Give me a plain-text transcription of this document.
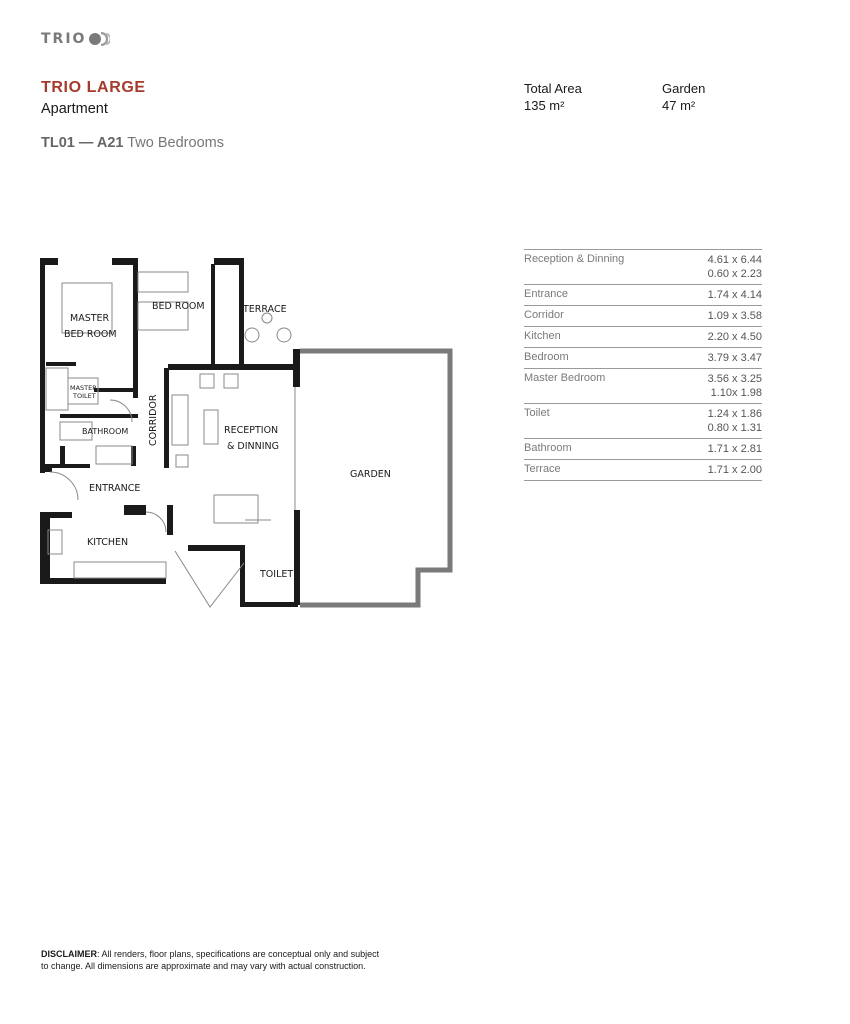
TRIO
TRIO LARGE
Apartment
TL01 — A21 Two Bedrooms
Total Area
135 m²
Garden
47 m²
Reception & Dinning	4.61 x 6.44
0.60 x 2.23
Entrance	1.74 x 4.14
Corridor	1.09 x 3.58
Kitchen	2.20 x 4.50
Bedroom	3.79 x 3.47
Master Bedroom	3.56 x 3.25
1.10x 1.98
Toilet	1.24 x 1.86
0.80 x 1.31
Bathroom	1.71 x 2.81
Terrace	1.71 x 2.00
MASTER
BED ROOM
BED ROOM	TERRACE
MASTER
TOILET
BATHROOM CORRIDOR	RECEPTION
& DINNING
GARDEN
ENTRANCE
KITCHEN
TOILET
DISCLAIMER: All renders, floor plans, specifications are conceptual only and subject to change. All dimensions are approximate and may vary with actual construction.
